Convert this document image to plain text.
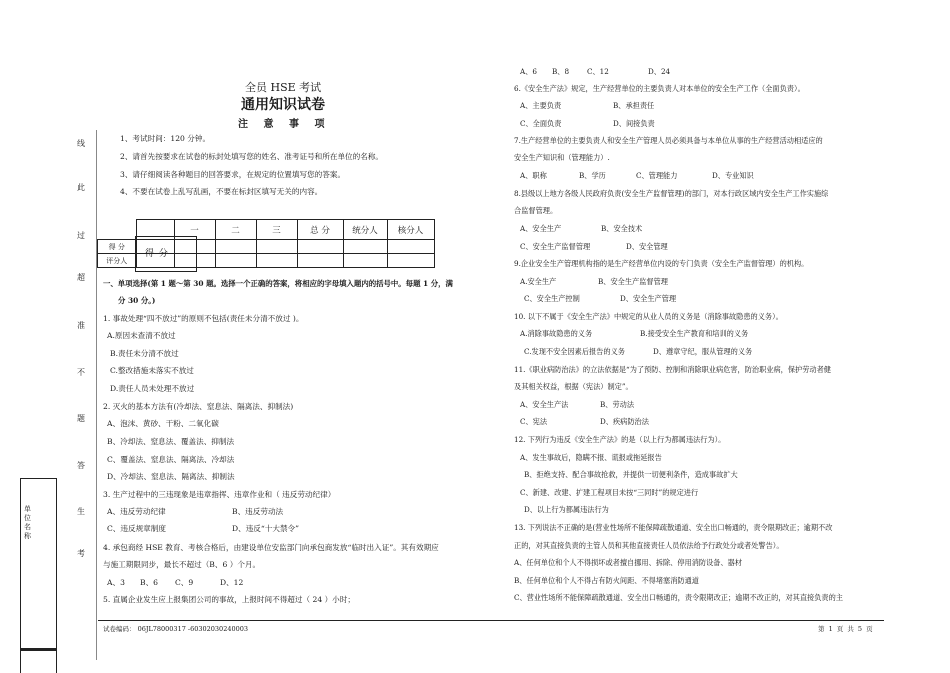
线
此
过
超
准
不
题
答
生
考
单位名称
全员 HSE 考试
通用知识试卷
注 意 事 项
1、考试时间：120 分钟。
2、请首先按要求在试卷的标封处填写您的姓名、准考证号和所在单位的名称。
3、请仔细阅读各种题目的回答要求，在规定的位置填写您的答案。
4、不要在试卷上乱写乱画，不要在标封区填写无关的内容。
		一	二	三	总 分	统分人	核分人
得 分							
评分人							
得 分
一、单项选择(第 1 题～第 30 题。选择一个正确的答案，将相应的字母填入题内的括号中。每题 1 分，满
分 30 分。)
1. 事故处理“四不放过”的原则不包括(责任未分清不放过 )。
A.原因未查清不放过
B.责任未分清不放过
C.整改措施未落实不放过
D.责任人员未处理不放过
2. 灭火的基本方法有(冷却法、窒息法、隔离法、抑制法)
A、泡沫、黄砂、干粉、二氧化碳
B、冷却法、窒息法、覆盖法、抑制法
C、覆盖法、窒息法、隔离法、冷却法
D、冷却法、窒息法、隔离法、抑制法
3. 生产过程中的三违现象是违章指挥、违章作业和（ 违反劳动纪律）
A、违反劳动纪律	B、违反劳动法
C、违反规章制度	D、违反“十大禁令”
4. 承包商经 HSE 教育、考核合格后，由建设单位安监部门向承包商发放“临时出入证”。其有效期应
与施工期限同步，最长不超过（B、6 ）个月。
A、3 B、6 C、9	D、12
5. 直属企业发生应上报集团公司的事故，上报时间不得超过（ 24 ）小时；
A、6 B、8 C、12	D、24
6.《安全生产法》规定，生产经营单位的主要负责人对本单位的安全生产工作（全面负责）。
A、主要负责	B、承担责任
C、全面负责	D、间接负责
7.生产经营单位的主要负责人和安全生产管理人员必须具备与本单位从事的生产经营活动相适应的
安全生产知识和（管理能力）.
A、职称	B、学历	C、管理能力	D、专业知识
8.县级以上地方各级人民政府负责(安全生产监督管理)的部门，对本行政区域内安全生产工作实施综
合监督管理。
A、安全生产	B、安全技术
C、安全生产监督管理	D、安全管理
9.企业安全生产管理机构指的是生产经营单位内设的专门负责（安全生产监督管理）的机构。
A.安全生产	B、安全生产监督管理
C、安全生产控制	D、安全生产管理
10. 以下不属于《安全生产法》中规定的从业人员的义务是（消除事故隐患的义务）。
A.消除事故隐患的义务	B.接受安全生产教育和培训的义务
C.发现不安全因素后报告的义务	D、遵章守纪，服从管理的义务
11.《职业病防治法》的立法依据是“为了预防、控制和消除职业病危害，防治职业病，保护劳动者健
及其相关权益，根据（宪法）制定”。
A、安全生产法	B、劳动法
C、宪法	D、疾病防治法
12. 下列行为违反《安全生产法》的是（以上行为都属违法行为）。
A、发生事故后，隐瞒不报、谎报或拖延报告
B、拒绝支持、配合事故抢救，并提供一切便利条件，造成事故扩大
C、新建、改建、扩建工程项目未按“三同时”的规定进行
D、以上行为都属违法行为
13. 下列说法不正确的是(营业性场所不能保障疏散通道、安全出口畅通的，责令限期改正；逾期不改
正的，对其直接负责的主管人员和其他直接责任人员依法给予行政处分或者处警告）。
A、任何单位和个人不得损坏或者擅自挪用、拆除、停用消防设备、器材
B、任何单位和个人不得占有防火间距、不得堵塞消防通道
C、营业性场所不能保障疏散通道、安全出口畅通的，责令限期改正；逾期不改正的，对其直接负责的主
试卷编码： 06JL78000317 -60302030240003	第 1 页 共 5 页
